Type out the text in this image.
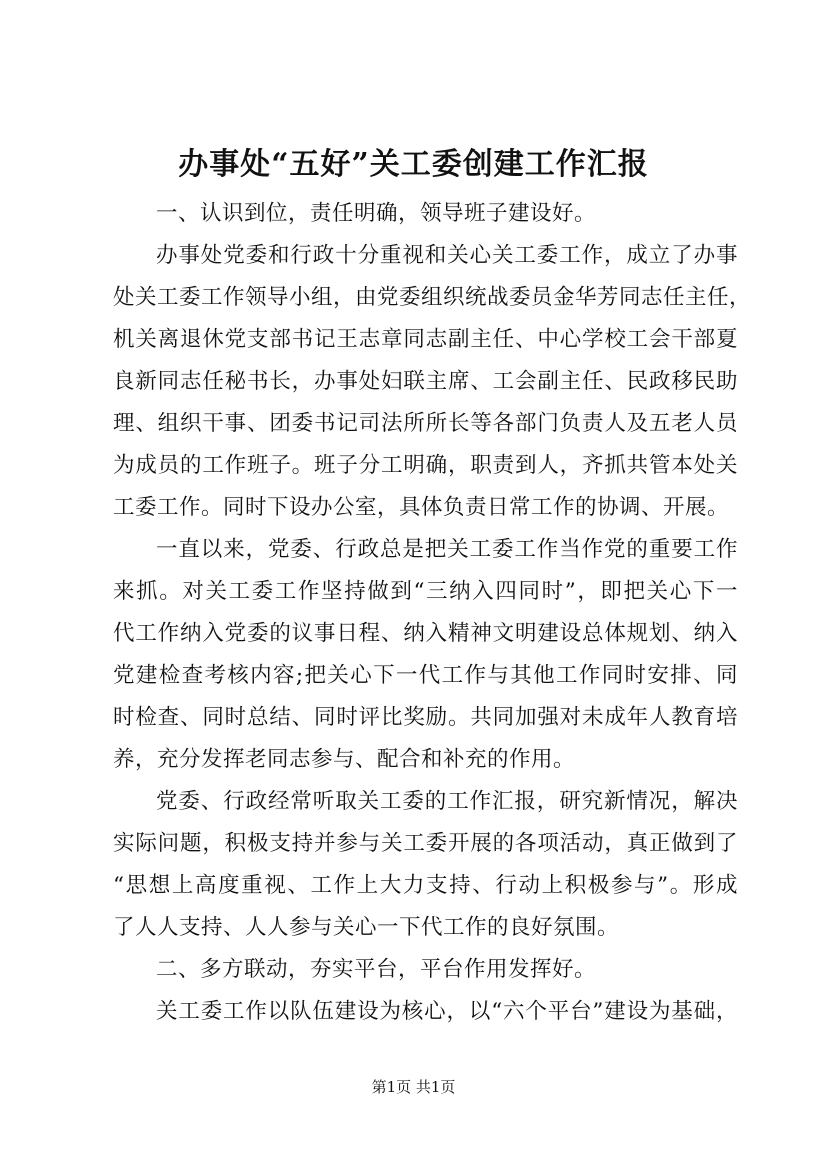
办事处“五好”关工委创建工作汇报
一、认识到位，责任明确，领导班子建设好。
办事处党委和行政十分重视和关心关工委工作，成立了办事
处关工委工作领导小组，由党委组织统战委员金华芳同志任主任，
机关离退休党支部书记王志章同志副主任、中心学校工会干部夏
良新同志任秘书长，办事处妇联主席、工会副主任、民政移民助
理、组织干事、团委书记司法所所长等各部门负责人及五老人员
为成员的工作班子。班子分工明确，职责到人，齐抓共管本处关
工委工作。同时下设办公室，具体负责日常工作的协调、开展。
一直以来，党委、行政总是把关工委工作当作党的重要工作
来抓。对关工委工作坚持做到“三纳入四同时”，即把关心下一
代工作纳入党委的议事日程、纳入精神文明建设总体规划、纳入
党建检查考核内容;把关心下一代工作与其他工作同时安排、同
时检查、同时总结、同时评比奖励。共同加强对未成年人教育培
养，充分发挥老同志参与、配合和补充的作用。
党委、行政经常听取关工委的工作汇报，研究新情况，解决
实际问题，积极支持并参与关工委开展的各项活动，真正做到了
“思想上高度重视、工作上大力支持、行动上积极参与”。形成
了人人支持、人人参与关心一下代工作的良好氛围。
二、多方联动，夯实平台，平台作用发挥好。
关工委工作以队伍建设为核心，以“六个平台”建设为基础，
第1页 共1页
